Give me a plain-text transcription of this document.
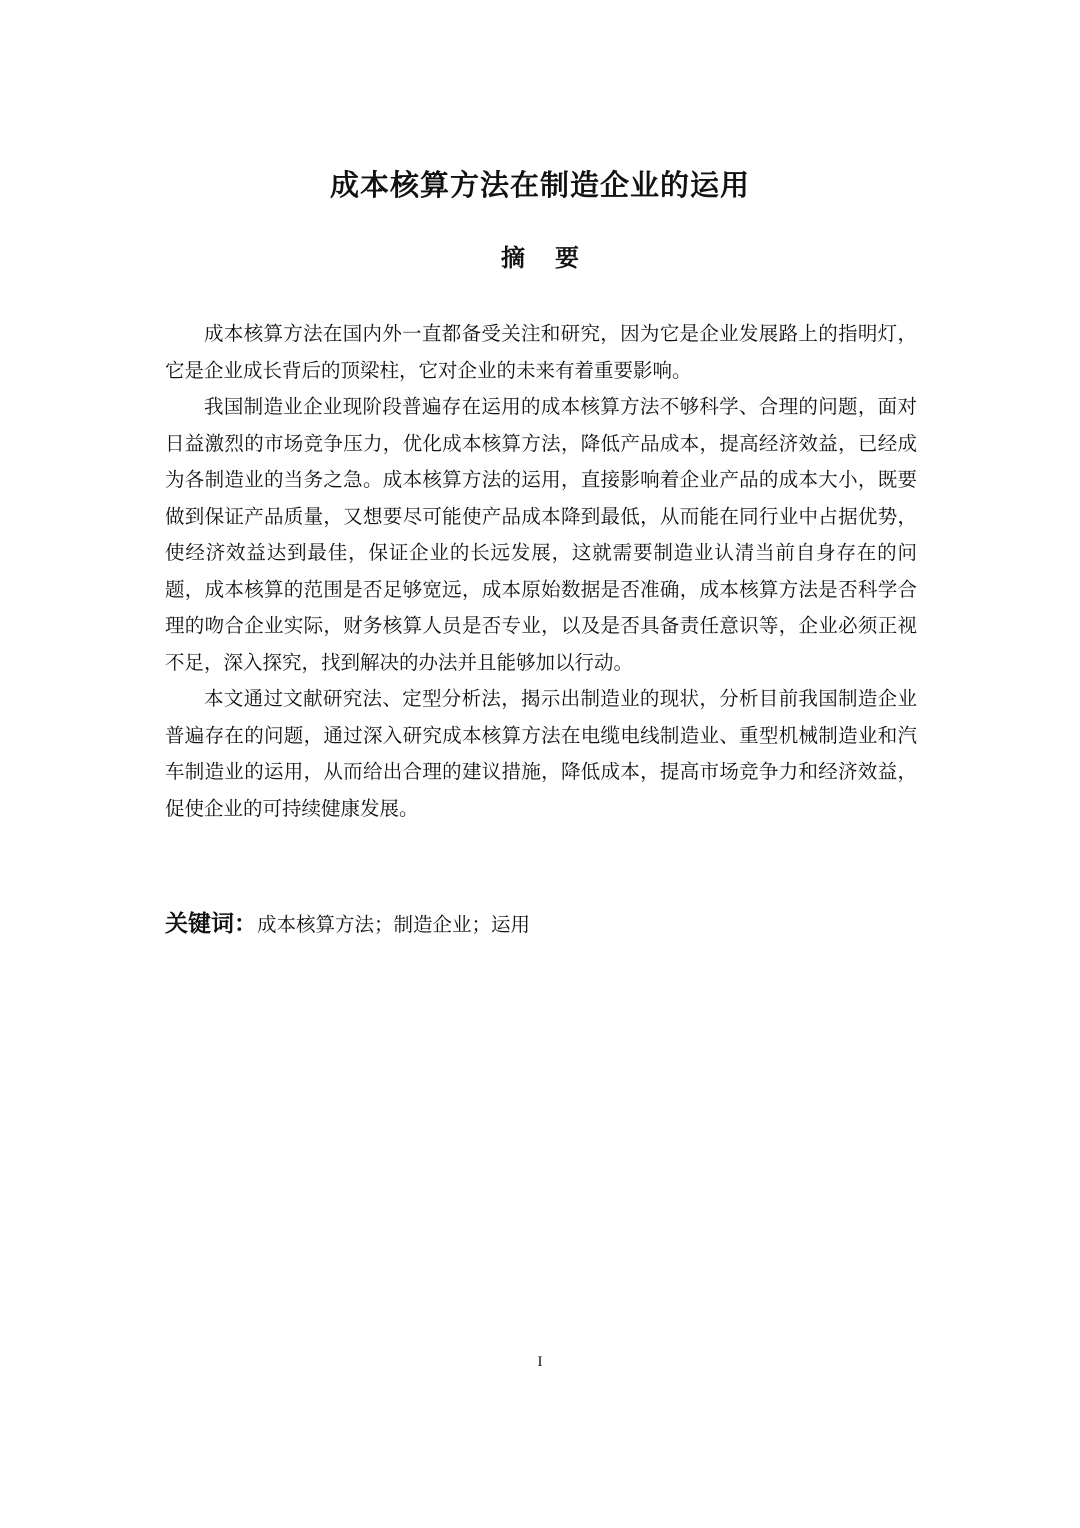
成本核算方法在制造企业的运用
摘 要

成本核算方法在国内外一直都备受关注和研究，因为它是企业发展路上的指明灯，它是企业成长背后的顶梁柱，它对企业的未来有着重要影响。

我国制造业企业现阶段普遍存在运用的成本核算方法不够科学、合理的问题，面对日益激烈的市场竞争压力，优化成本核算方法，降低产品成本，提高经济效益，已经成为各制造业的当务之急。成本核算方法的运用，直接影响着企业产品的成本大小，既要做到保证产品质量，又想要尽可能使产品成本降到最低，从而能在同行业中占据优势，使经济效益达到最佳，保证企业的长远发展，这就需要制造业认清当前自身存在的问题，成本核算的范围是否足够宽远，成本原始数据是否准确，成本核算方法是否科学合理的吻合企业实际，财务核算人员是否专业，以及是否具备责任意识等，企业必须正视不足，深入探究，找到解决的办法并且能够加以行动。

本文通过文献研究法、定型分析法，揭示出制造业的现状，分析目前我国制造企业普遍存在的问题，通过深入研究成本核算方法在电缆电线制造业、重型机械制造业和汽车制造业的运用，从而给出合理的建议措施，降低成本，提高市场竞争力和经济效益，促使企业的可持续健康发展。

关键词：成本核算方法；制造企业；运用
I
